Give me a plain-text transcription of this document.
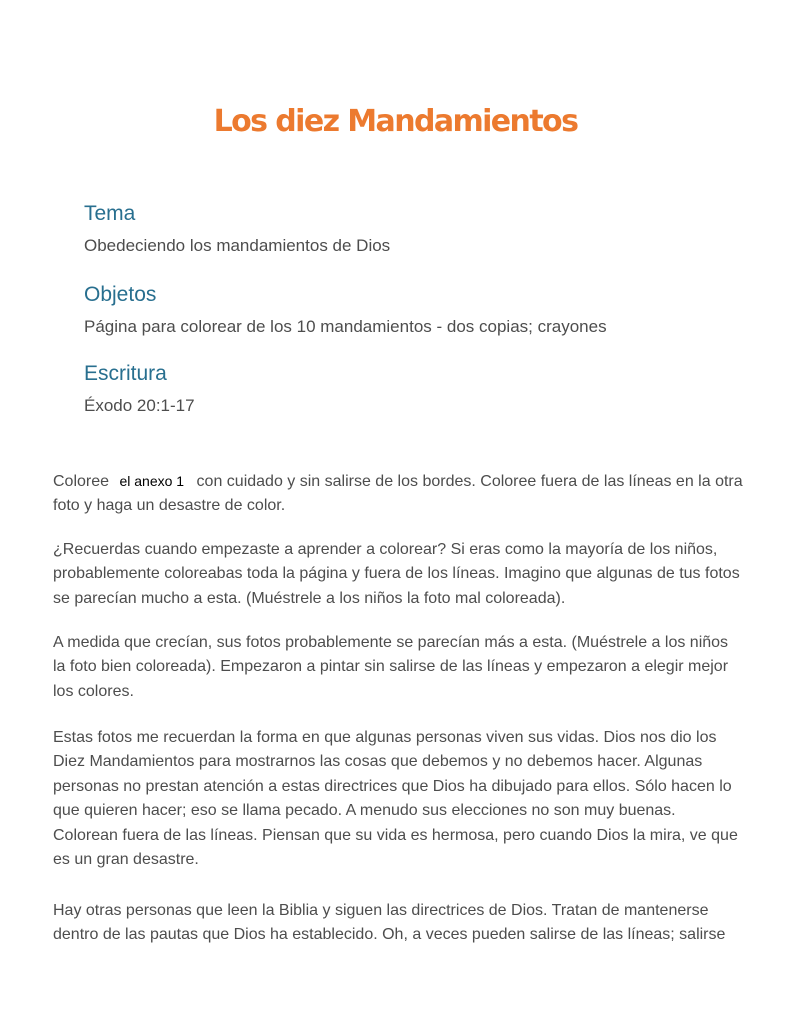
Los diez Mandamientos
Tema

Obedeciendo los mandamientos de Dios

Objetos

Página para colorear de los 10 mandamientos - dos copias; crayones

Escritura

Éxodo 20:1-17

Coloree el anexo 1 con cuidado y sin salirse de los bordes. Coloree fuera de las líneas en la otra foto y haga un desastre de color.

¿Recuerdas cuando empezaste a aprender a colorear? Si eras como la mayoría de los niños, probablemente coloreabas toda la página y fuera de los líneas. Imagino que algunas de tus fotos se parecían mucho a esta. (Muéstrele a los niños la foto mal coloreada).

A medida que crecían, sus fotos probablemente se parecían más a esta. (Muéstrele a los niños la foto bien coloreada). Empezaron a pintar sin salirse de las líneas y empezaron a elegir mejor los colores.

Estas fotos me recuerdan la forma en que algunas personas viven sus vidas. Dios nos dio los Diez Mandamientos para mostrarnos las cosas que debemos y no debemos hacer. Algunas personas no prestan atención a estas directrices que Dios ha dibujado para ellos. Sólo hacen lo que quieren hacer; eso se llama pecado. A menudo sus elecciones no son muy buenas. Colorean fuera de las líneas. Piensan que su vida es hermosa, pero cuando Dios la mira, ve que es un gran desastre.

Hay otras personas que leen la Biblia y siguen las directrices de Dios. Tratan de mantenerse dentro de las pautas que Dios ha establecido. Oh, a veces pueden salirse de las líneas; salirse
